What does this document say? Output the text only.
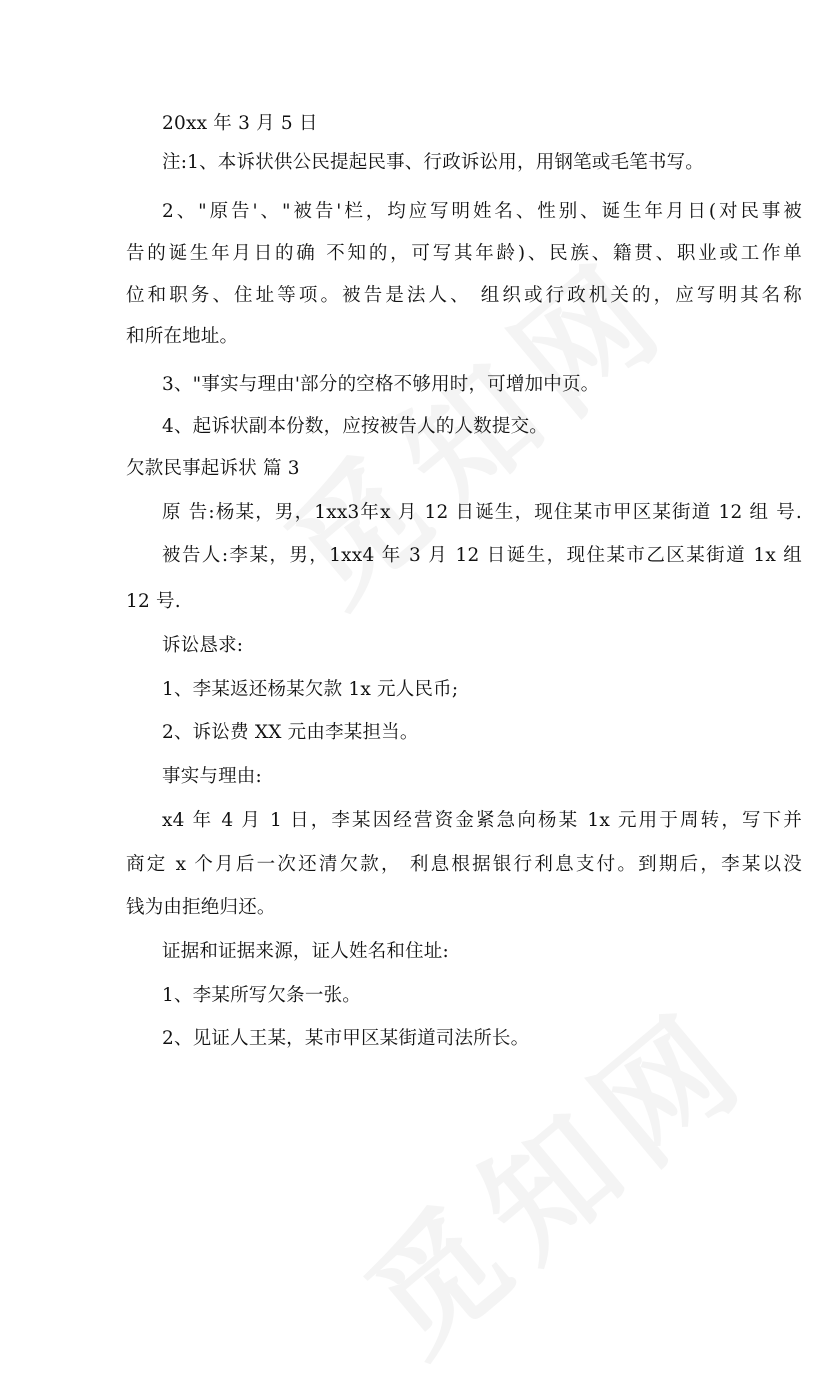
20xx 年 3 月 5 日
注:1、本诉状供公民提起民事、行政诉讼用，用钢笔或毛笔书写。
2、"原告'、"被告'栏，均应写明姓名、性别、诞生年月日(对民事被
告的诞生年月日的确 不知的，可写其年龄)、民族、籍贯、职业或工作单
位和职务、住址等项。被告是法人、 组织或行政机关的，应写明其名称
和所在地址。
3、"事实与理由'部分的空格不够用时，可增加中页。
4、起诉状副本份数，应按被告人的人数提交。
欠款民事起诉状 篇 3
原 告:杨某，男，1xx3年x 月 12 日诞生，现住某市甲区某街道 12 组 号.
被告人:李某，男，1xx4 年 3 月 12 日诞生，现住某市乙区某街道 1x 组
12 号.
诉讼恳求:
1、李某返还杨某欠款 1x 元人民币;
2、诉讼费 XX 元由李某担当。
事实与理由:
x4 年 4 月 1 日，李某因经营资金紧急向杨某 1x 元用于周转，写下并
商定 x 个月后一次还清欠款， 利息根据银行利息支付。到期后，李某以没
钱为由拒绝归还。
证据和证据来源，证人姓名和住址:
1、李某所写欠条一张。
2、见证人王某，某市甲区某街道司法所长。
